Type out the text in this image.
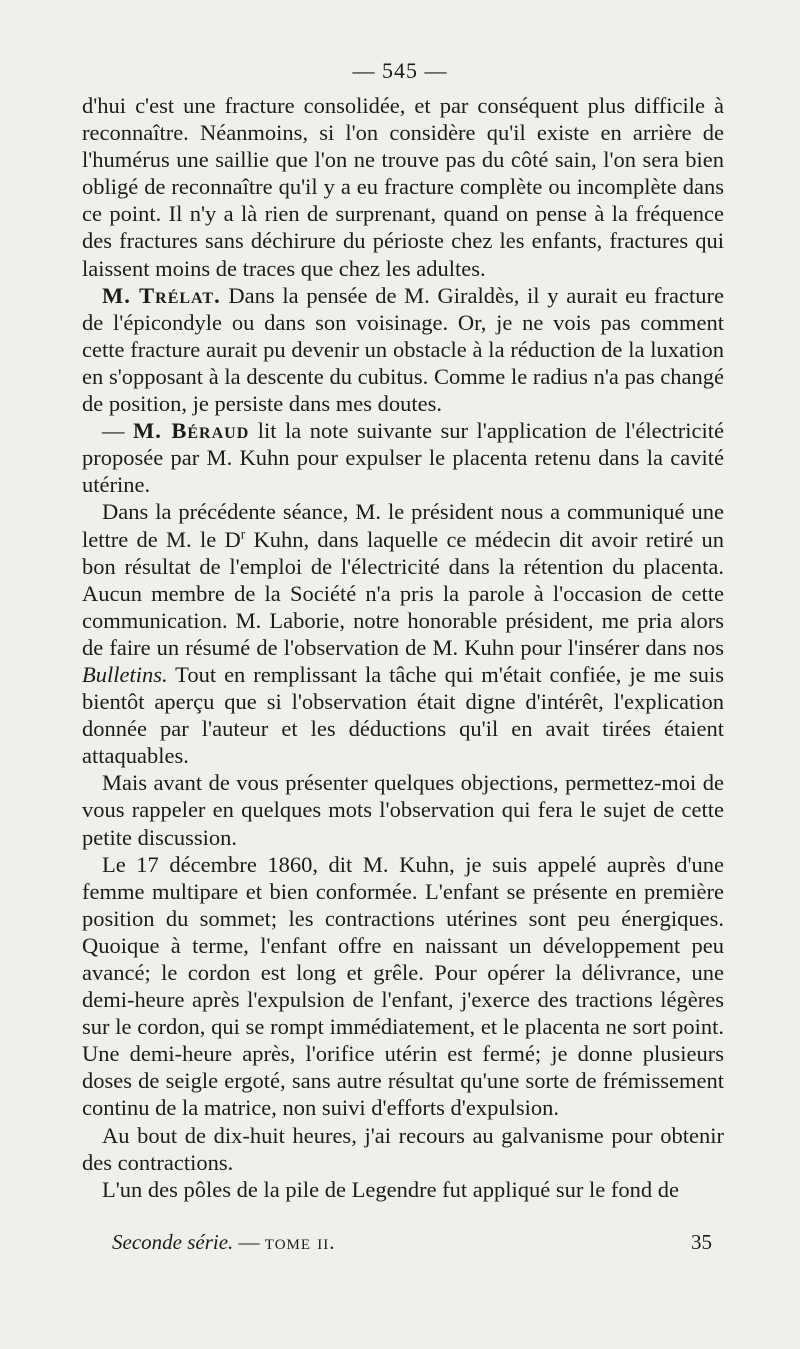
— 545 —

d'hui c'est une fracture consolidée, et par conséquent plus difficile à reconnaître. Néanmoins, si l'on considère qu'il existe en arrière de l'humérus une saillie que l'on ne trouve pas du côté sain, l'on sera bien obligé de reconnaître qu'il y a eu fracture complète ou incomplète dans ce point. Il n'y a là rien de surprenant, quand on pense à la fréquence des fractures sans déchirure du périoste chez les enfants, fractures qui laissent moins de traces que chez les adultes.

M. Trélat. Dans la pensée de M. Giraldès, il y aurait eu fracture de l'épicondyle ou dans son voisinage. Or, je ne vois pas comment cette fracture aurait pu devenir un obstacle à la réduction de la luxation en s'opposant à la descente du cubitus. Comme le radius n'a pas changé de position, je persiste dans mes doutes.

— M. Béraud lit la note suivante sur l'application de l'électricité proposée par M. Kuhn pour expulser le placenta retenu dans la cavité utérine.

Dans la précédente séance, M. le président nous a communiqué une lettre de M. le $D^r$ Kuhn, dans laquelle ce médecin dit avoir retiré un bon résultat de l'emploi de l'électricité dans la rétention du placenta. Aucun membre de la Société n'a pris la parole à l'occasion de cette communication. M. Laborie, notre honorable président, me pria alors de faire un résumé de l'observation de M. Kuhn pour l'insérer dans nos Bulletins. Tout en remplissant la tâche qui m'était confiée, je me suis bientôt aperçu que si l'observation était digne d'intérêt, l'explication donnée par l'auteur et les déductions qu'il en avait tirées étaient attaquables.

Mais avant de vous présenter quelques objections, permettez-moi de vous rappeler en quelques mots l'observation qui fera le sujet de cette petite discussion.

Le 17 décembre 1860, dit M. Kuhn, je suis appelé auprès d'une femme multipare et bien conformée. L'enfant se présente en première position du sommet; les contractions utérines sont peu énergiques. Quoique à terme, l'enfant offre en naissant un développement peu avancé; le cordon est long et grêle. Pour opérer la délivrance, une demi-heure après l'expulsion de l'enfant, j'exerce des tractions légères sur le cordon, qui se rompt immédiatement, et le placenta ne sort point. Une demi-heure après, l'orifice utérin est fermé; je donne plusieurs doses de seigle ergoté, sans autre résultat qu'une sorte de frémissement continu de la matrice, non suivi d'efforts d'expulsion.

Au bout de dix-huit heures, j'ai recours au galvanisme pour obtenir des contractions.

L'un des pôles de la pile de Legendre fut appliqué sur le fond de

Seconde série. — tome ii.	35
